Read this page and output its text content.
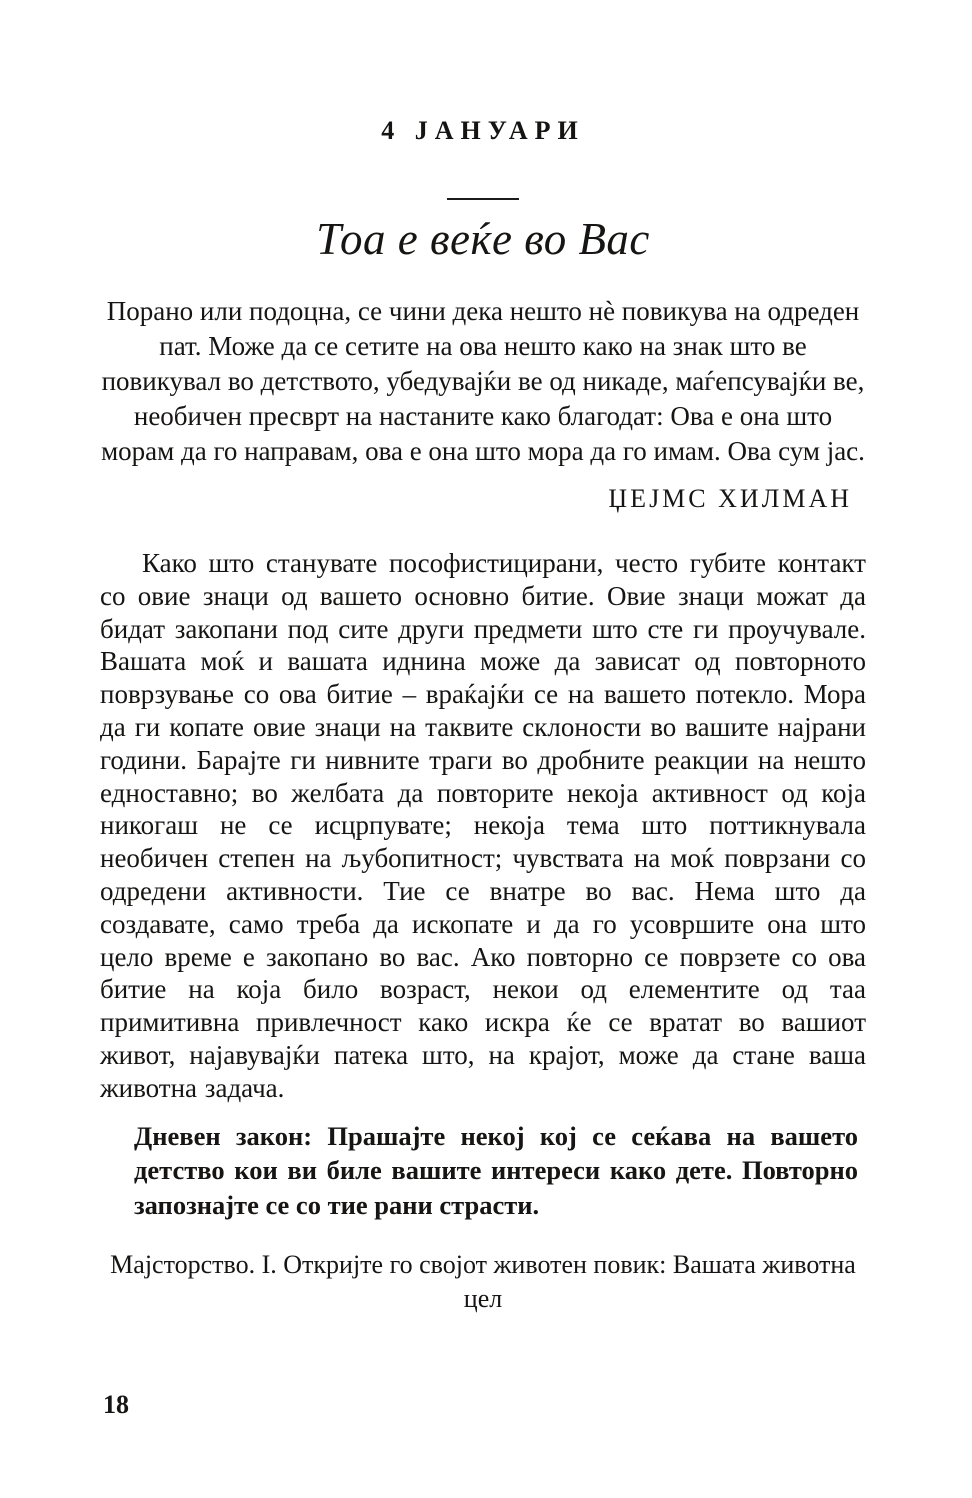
4 ЈАНУАРИ
Тоа е веќе во Вас
Порано или подоцна, се чини дека нешто нѐ повикува на одреден пат. Може да се сетите на ова нешто како на знак што ве повикувал во детството, убедувајќи ве од никаде, маѓепсувајќи ве, необичен пресврт на настаните како благодат: Ова е она што морам да го направам, ова е она што мора да го имам. Ова сум јас.
ЏЕЈМС ХИЛМАН
Како што станувате пософистицирани, често губите контакт со овие знаци од вашето основно битие. Овие знаци можат да бидат закопани под сите други предмети што сте ги проучувале. Вашата моќ и вашата иднина може да зависат од повторното поврзување со ова битие – враќајќи се на вашето потекло. Мора да ги копате овие знаци на таквите склоности во вашите најрани години. Барајте ги нивните траги во дробните реакции на нешто едноставно; во желбата да повторите некоја активност од која никогаш не се исцрпувате; некоја тема што поттикнувала необичен степен на љубопитност; чувствата на моќ поврзани со одредени активности. Тие се внатре во вас. Нема што да создавате, само треба да ископате и да го усовршите она што цело време е закопано во вас. Ако повторно се поврзете со ова битие на која било возраст, некои од елементите од таа примитивна привлечност како искра ќе се вратат во вашиот живот, најавувајќи патека што, на крајот, може да стане ваша животна задача.
Дневен закон: Прашајте некој кој се сеќава на вашето детство кои ви биле вашите интереси како дете. Повторно запознајте се со тие рани страсти.
Мајсторство. I. Откријте го својот животен повик: Вашата животна цел
18
